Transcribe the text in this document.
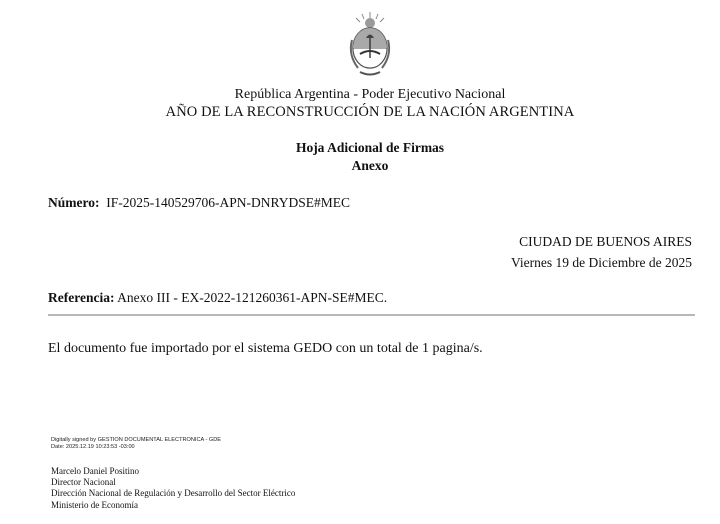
República Argentina - Poder Ejecutivo Nacional
AÑO DE LA RECONSTRUCCIÓN DE LA NACIÓN ARGENTINA
Hoja Adicional de Firmas
Anexo
Número: IF-2025-140529706-APN-DNRYDSE#MEC
CIUDAD DE BUENOS AIRES
Viernes 19 de Diciembre de 2025
Referencia: Anexo III - EX-2022-121260361-APN-SE#MEC.
El documento fue importado por el sistema GEDO con un total de 1 pagina/s.
Digitally signed by GESTION DOCUMENTAL ELECTRONICA - GDE
Date: 2025.12.19 10:23:53 -03:00
Marcelo Daniel Positino
Director Nacional
Dirección Nacional de Regulación y Desarrollo del Sector Eléctrico
Ministerio de Economía
